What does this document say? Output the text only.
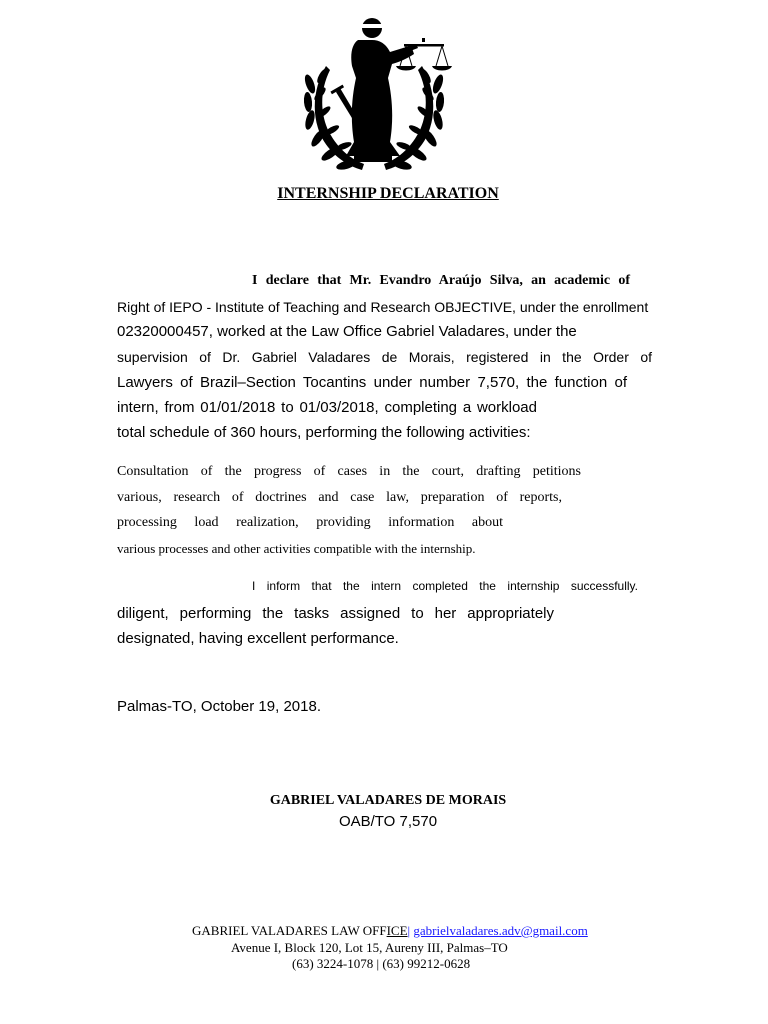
INTERNSHIP DECLARATION
I declare that Mr. Evandro Araújo Silva, an academic of
Right of IEPO - Institute of Teaching and Research OBJECTIVE, under the enrollment
02320000457, worked at the Law Office Gabriel Valadares, under the
supervision of Dr. Gabriel Valadares de Morais, registered in the Order of
Lawyers of Brazil–Section Tocantins under number 7,570, the function of
intern, from 01/01/2018 to 01/03/2018, completing a workload
total schedule of 360 hours, performing the following activities:
Consultation of the progress of cases in the court, drafting petitions
various, research of doctrines and case law, preparation of reports,
processing load realization, providing information about
various processes and other activities compatible with the internship.
I inform that the intern completed the internship successfully.
diligent, performing the tasks assigned to her appropriately
designated, having excellent performance.
Palmas-TO, October 19, 2018.
GABRIEL VALADARES DE MORAIS
OAB/TO 7,570
GABRIEL VALADARES LAW OFFICE| gabrielvaladares.adv@gmail.com
Avenue I, Block 120, Lot 15, Aureny III, Palmas–TO
(63) 3224-1078 | (63) 99212-0628
